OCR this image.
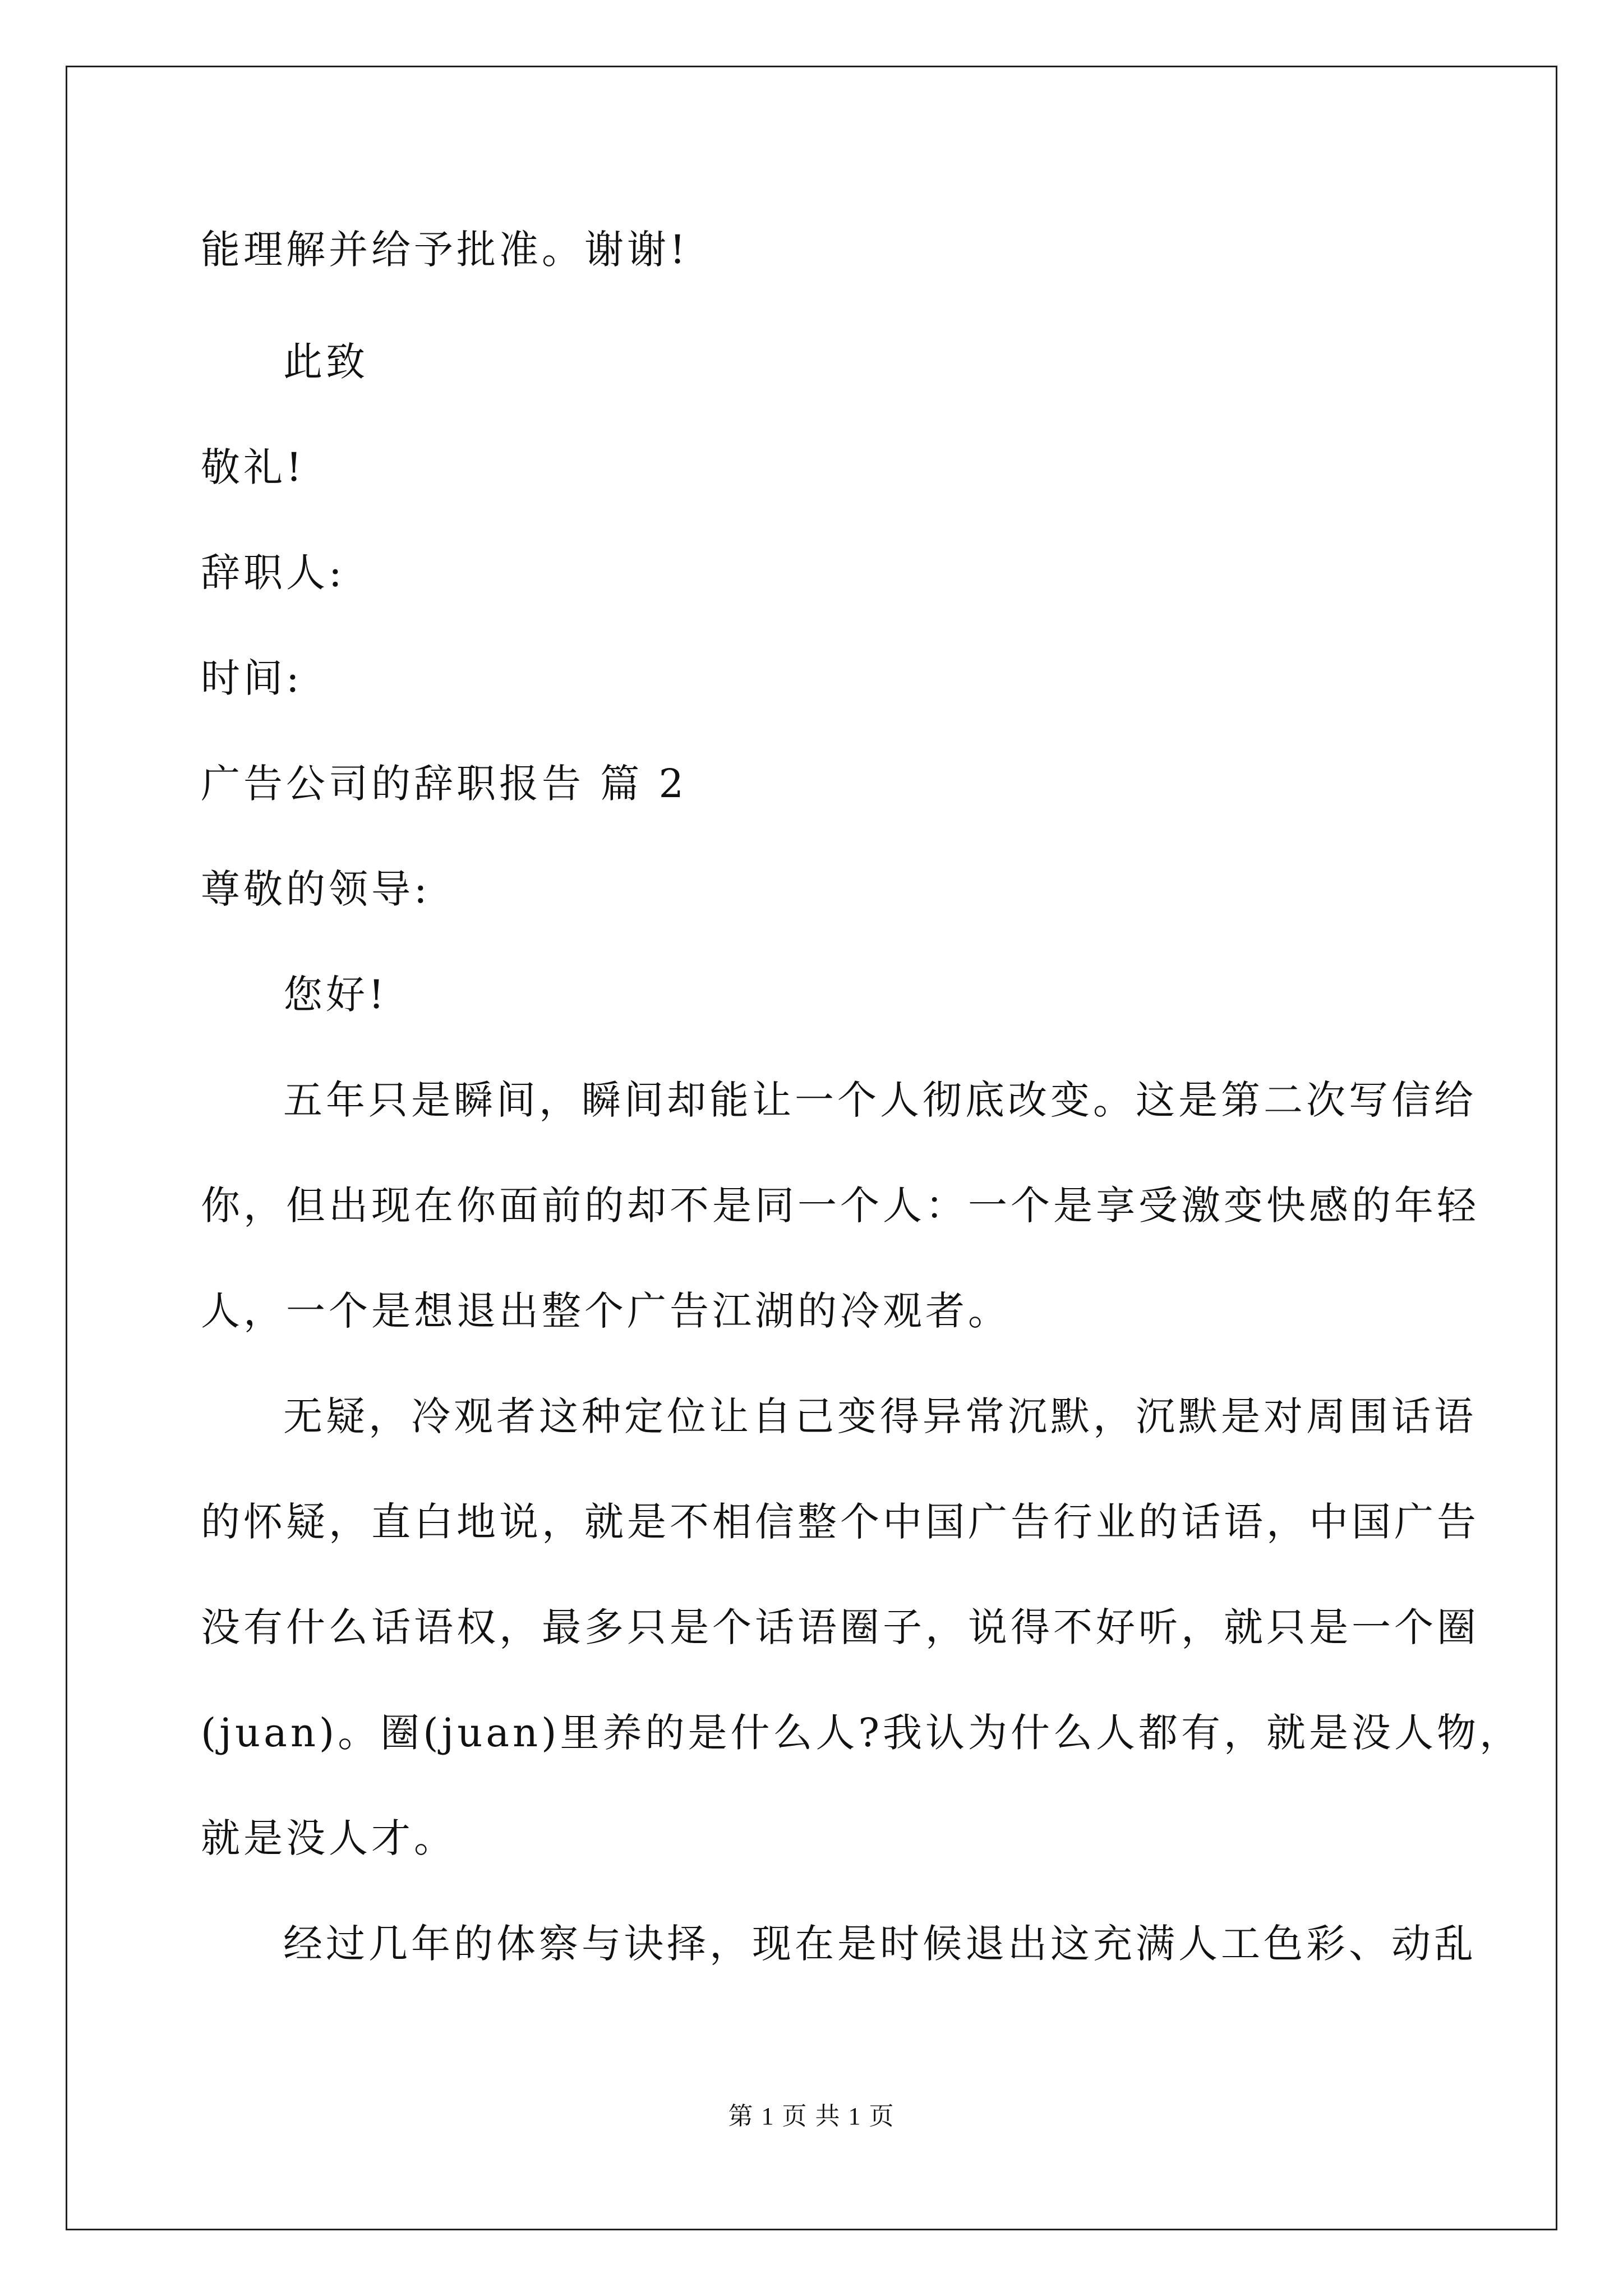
能理解并给予批准。谢谢!
此致
敬礼!
辞职人:
时间:
广告公司的辞职报告 篇 2
尊敬的领导:
您好!
五年只是瞬间，瞬间却能让一个人彻底改变。这是第二次写信给
你，但出现在你面前的却不是同一个人：一个是享受激变快感的年轻
人，一个是想退出整个广告江湖的冷观者。
无疑，冷观者这种定位让自己变得异常沉默，沉默是对周围话语
的怀疑，直白地说，就是不相信整个中国广告行业的话语，中国广告
没有什么话语权，最多只是个话语圈子，说得不好听，就只是一个圈
(juan)。圈(juan)里养的是什么人?我认为什么人都有，就是没人物，
就是没人才。
经过几年的体察与诀择，现在是时候退出这充满人工色彩、动乱
第 1 页 共 1 页
